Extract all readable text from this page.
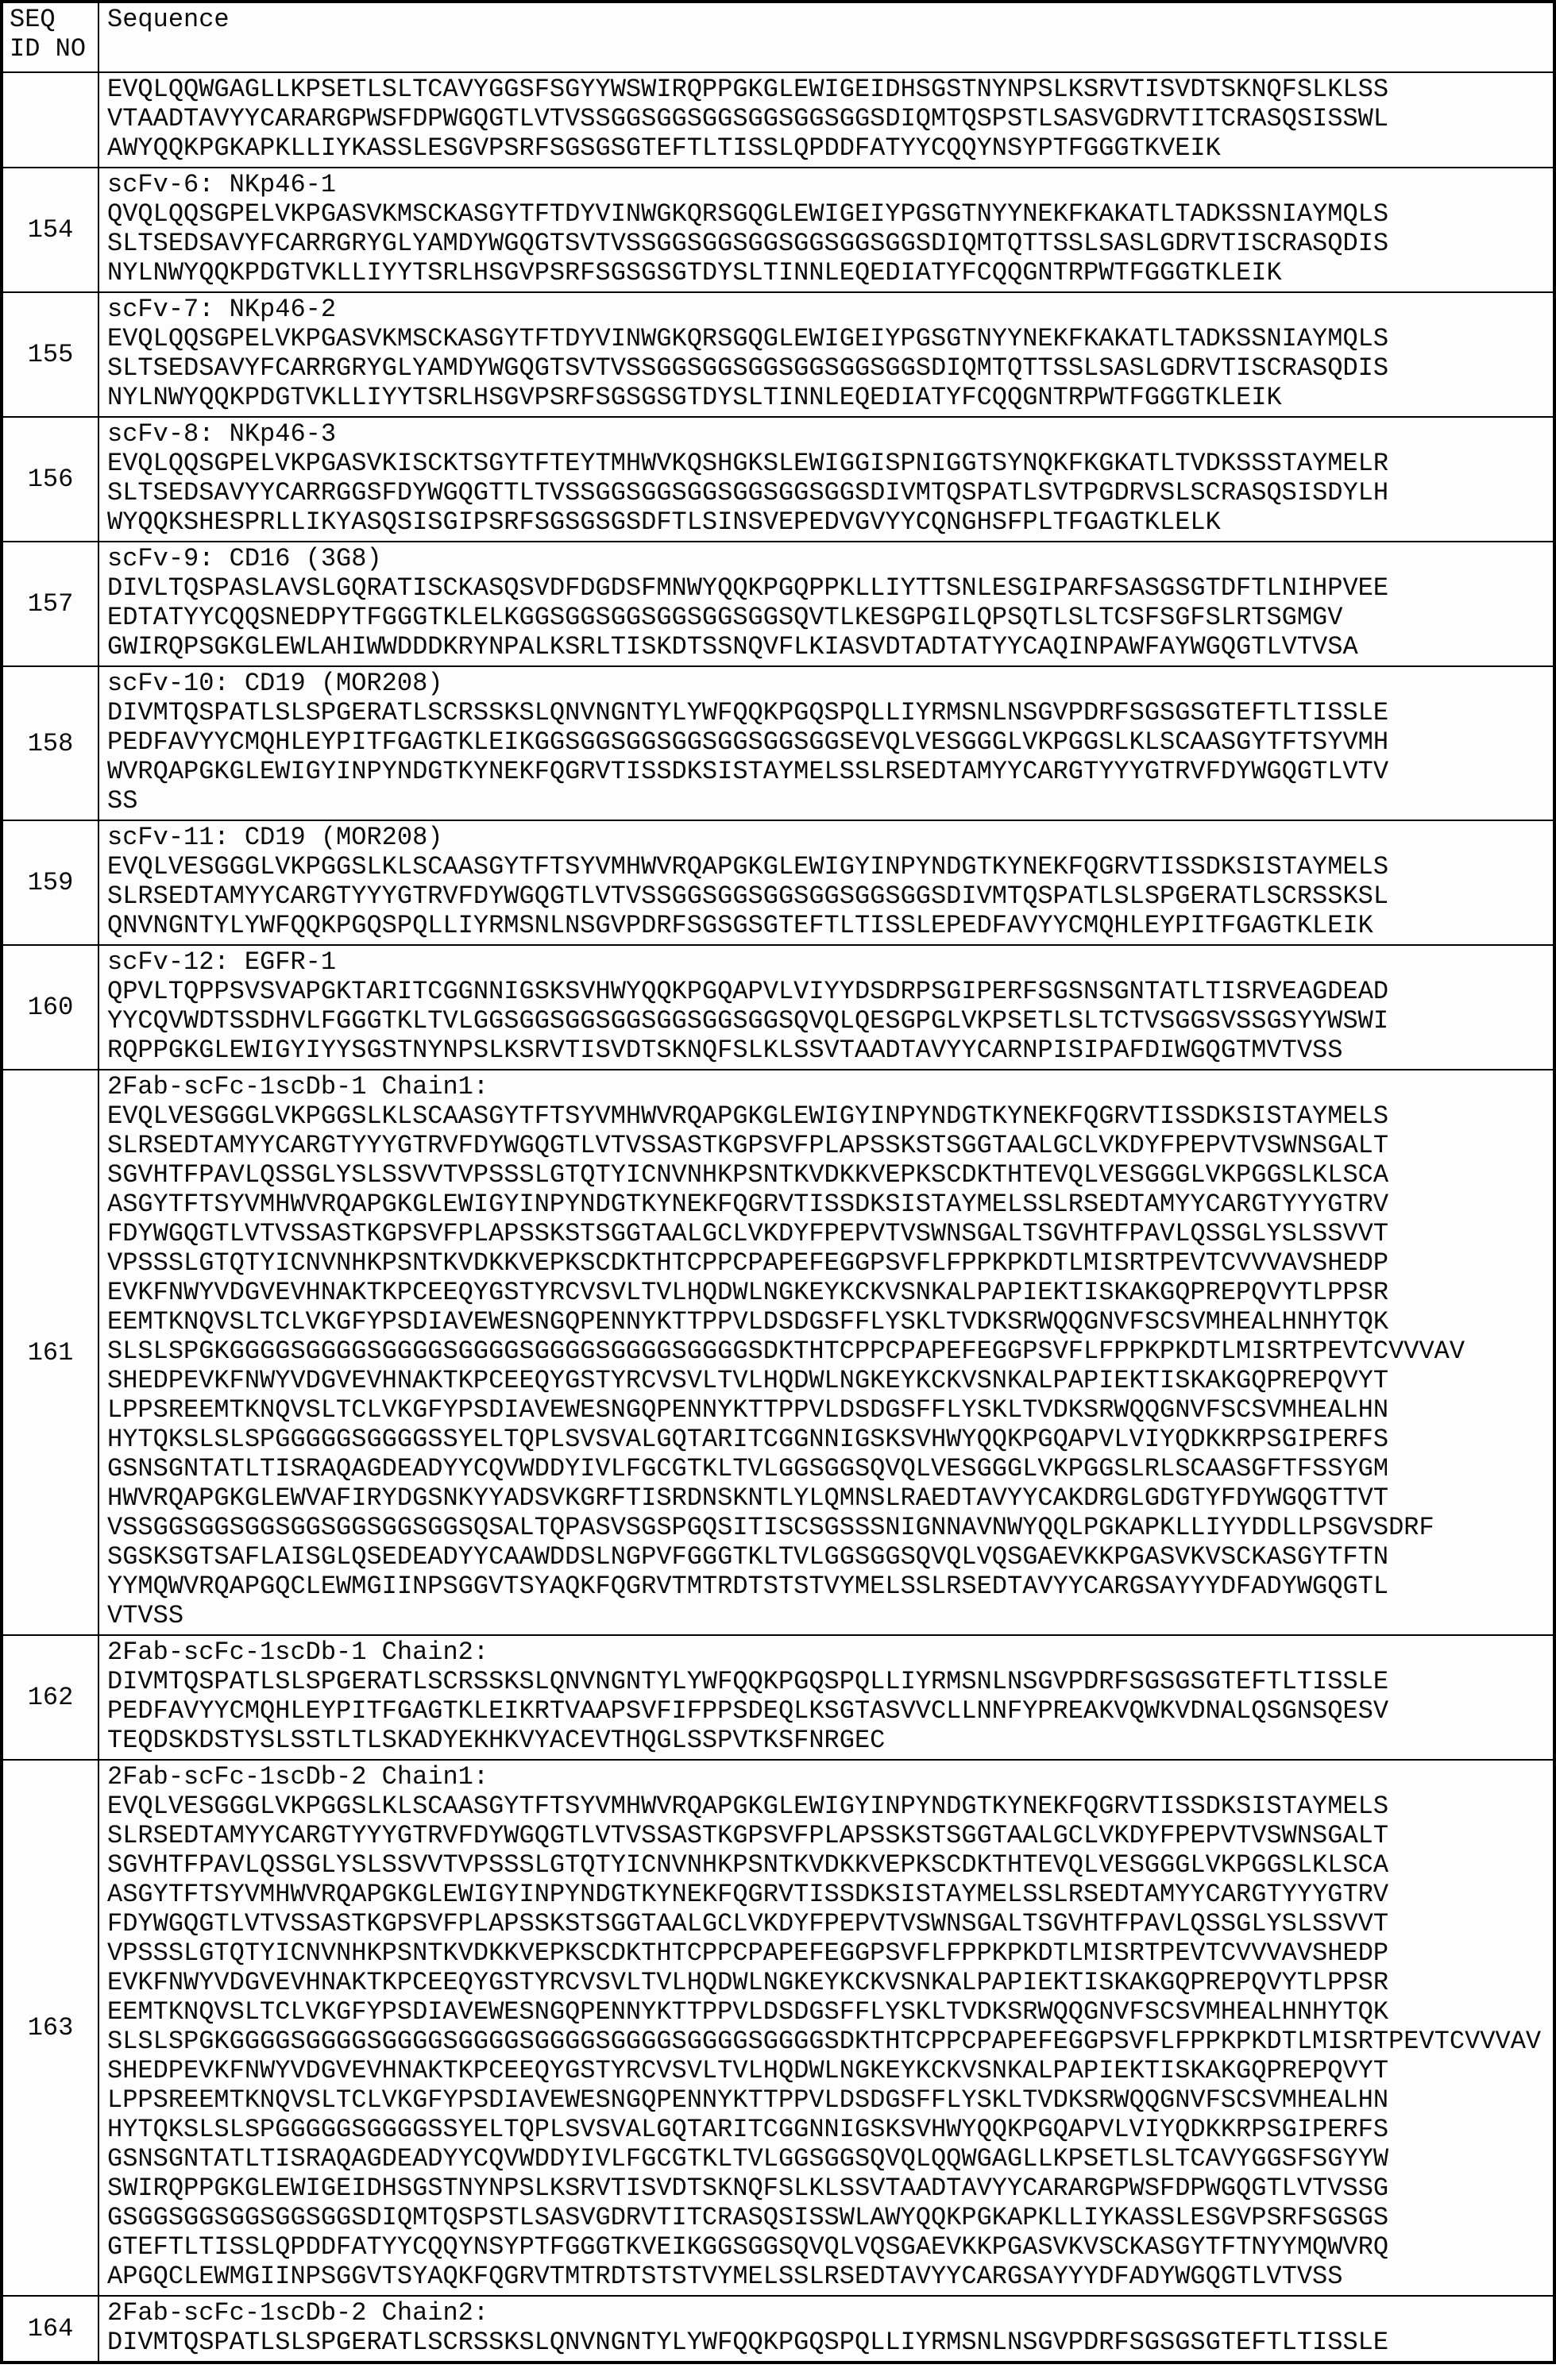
SEQ
ID NO	Sequence

	EVQLQQWGAGLLKPSETLSLTCAVYGGSFSGYYWSWIRQPPGKGLEWIGEIDHSGSTNYNPSLKSRVTISVDTSKNQFSLKLSS
VTAADTAVYYCARARGPWSFDPWGQGTLVTVSSGGSGGSGGSGGSGGSGGSDIQMTQSPSTLSASVGDRVTITCRASQSISSWL
AWYQQKPGKAPKLLIYKASSLESGVPSRFSGSGSGTEFTLTISSLQPDDFATYYCQQYNSYPTFGGGTKVEIK

154	scFv-6: NKp46-1
QVQLQQSGPELVKPGASVKMSCKASGYTFTDYVINWGKQRSGQGLEWIGEIYPGSGTNYYNEKFKAKATLTADKSSNIAYMQLS
SLTSEDSAVYFCARRGRYGLYAMDYWGQGTSVTVSSGGSGGSGGSGGSGGSGGSDIQMTQTTSSLSASLGDRVTISCRASQDIS
NYLNWYQQKPDGTVKLLIYYTSRLHSGVPSRFSGSGSGTDYSLTINNLEQEDIATYFCQQGNTRPWTFGGGTKLEIK

155	scFv-7: NKp46-2
EVQLQQSGPELVKPGASVKMSCKASGYTFTDYVINWGKQRSGQGLEWIGEIYPGSGTNYYNEKFKAKATLTADKSSNIAYMQLS
SLTSEDSAVYFCARRGRYGLYAMDYWGQGTSVTVSSGGSGGSGGSGGSGGSGGSDIQMTQTTSSLSASLGDRVTISCRASQDIS
NYLNWYQQKPDGTVKLLIYYTSRLHSGVPSRFSGSGSGTDYSLTINNLEQEDIATYFCQQGNTRPWTFGGGTKLEIK

156	scFv-8: NKp46-3
EVQLQQSGPELVKPGASVKISCKTSGYTFTEYTMHWVKQSHGKSLEWIGGISPNIGGTSYNQKFKGKATLTVDKSSSTAYMELR
SLTSEDSAVYYCARRGGSFDYWGQGTTLTVSSGGSGGSGGSGGSGGSGGSDIVMTQSPATLSVTPGDRVSLSCRASQSISDYLH
WYQQKSHESPRLLIKYASQSISGIPSRFSGSGSGSDFTLSINSVEPEDVGVYYCQNGHSFPLTFGAGTKLELK

157	scFv-9: CD16 (3G8)
DIVLTQSPASLAVSLGQRATISCKASQSVDFDGDSFMNWYQQKPGQPPKLLIYTTSNLESGIPARFSASGSGTDFTLNIHPVEE
EDTATYYCQQSNEDPYTFGGGTKLELKGGSGGSGGSGGSGGSGGSQVTLKESGPGILQPSQTLSLTCSFSGFSLRTSGMGV
GWIRQPSGKGLEWLAHIWWDDDKRYNPALKSRLTISKDTSSNQVFLKIASVDTADTATYYCAQINPAWFAYWGQGTLVTVSA

158	scFv-10: CD19 (MOR208)
DIVMTQSPATLSLSPGERATLSCRSSKSLQNVNGNTYLYWFQQKPGQSPQLLIYRMSNLNSGVPDRFSGSGSGTEFTLTISSLE
PEDFAVYYCMQHLEYPITFGAGTKLEIKGGSGGSGGSGGSGGSGGSGGSEVQLVESGGGLVKPGGSLKLSCAASGYTFTSYVMH
WVRQAPGKGLEWIGYINPYNDGTKYNEKFQGRVTISSDKSISTAYMELSSLRSEDTAMYYCARGTYYYGTRVFDYWGQGTLVTV
SS

159	scFv-11: CD19 (MOR208)
EVQLVESGGGLVKPGGSLKLSCAASGYTFTSYVMHWVRQAPGKGLEWIGYINPYNDGTKYNEKFQGRVTISSDKSISTAYMELS
SLRSEDTAMYYCARGTYYYGTRVFDYWGQGTLVTVSSGGSGGSGGSGGSGGSGGSDIVMTQSPATLSLSPGERATLSCRSSKSL
QNVNGNTYLYWFQQKPGQSPQLLIYRMSNLNSGVPDRFSGSGSGTEFTLTISSLEPEDFAVYYCMQHLEYPITFGAGTKLEIK

160	scFv-12: EGFR-1
QPVLTQPPSVSVAPGKTARITCGGNNIGSKSVHWYQQKPGQAPVLVIYYDSDRPSGIPERFSGSNSGNTATLTISRVEAGDEAD
YYCQVWDTSSDHVLFGGGTKLTVLGGSGGSGGSGGSGGSGGSGGSQVQLQESGPGLVKPSETLSLTCTVSGGSVSSGSYYWSWI
RQPPGKGLEWIGYIYYSGSTNYNPSLKSRVTISVDTSKNQFSLKLSSVTAADTAVYYCARNPISIPAFDIWGQGTMVTVSS

161	
2Fab-scFc-1scDb-1 Chain1:
EVQLVESGGGLVKPGGSLKLSCAASGYTFTSYVMHWVRQAPGKGLEWIGYINPYNDGTKYNEKFQGRVTISSDKSISTAYMELS
SLRSEDTAMYYCARGTYYYGTRVFDYWGQGTLVTVSSASTKGPSVFPLAPSSKSTSGGTAALGCLVKDYFPEPVTVSWNSGALT
SGVHTFPAVLQSSGLYSLSSVVTVPSSSLGTQTYICNVNHKPSNTKVDKKVEPKSCDKTHTEVQLVESGGGLVKPGGSLKLSCA
ASGYTFTSYVMHWVRQAPGKGLEWIGYINPYNDGTKYNEKFQGRVTISSDKSISTAYMELSSLRSEDTAMYYCARGTYYYGTRV
FDYWGQGTLVTVSSASTKGPSVFPLAPSSKSTSGGTAALGCLVKDYFPEPVTVSWNSGALTSGVHTFPAVLQSSGLYSLSSVVT
VPSSSLGTQTYICNVNHKPSNTKVDKKVEPKSCDKTHTCPPCPAPEFEGGPSVFLFPPKPKDTLMISRTPEVTCVVVAVSHEDP
EVKFNWYVDGVEVHNAKTKPCEEQYGSTYRCVSVLTVLHQDWLNGKEYKCKVSNKALPAPIEKTISKAKGQPREPQVYTLPPSR
EEMTKNQVSLTCLVKGFYPSDIAVEWESNGQPENNYKTTPPVLDSDGSFFLYSKLTVDKSRWQQGNVFSCSVMHEALHNHYTQK
SLSLSPGKGGGGSGGGGSGGGGSGGGGSGGGGSGGGGSGGGGSDKTHTCPPCPAPEFEGGPSVFLFPPKPKDTLMISRTPEVTCVVVAV
SHEDPEVKFNWYVDGVEVHNAKTKPCEEQYGSTYRCVSVLTVLHQDWLNGKEYKCKVSNKALPAPIEKTISKAKGQPREPQVYT
LPPSREEMTKNQVSLTCLVKGFYPSDIAVEWESNGQPENNYKTTPPVLDSDGSFFLYSKLTVDKSRWQQGNVFSCSVMHEALHN
HYTQKSLSLSPGGGGGSGGGGSSYELTQPLSVSVALGQTARITCGGNNIGSKSVHWYQQKPGQAPVLVIYQDKKRPSGIPERFS
GSNSGNTATLTISRAQAGDEADYYCQVWDDYIVLFGCGTKLTVLGGSGGSQVQLVESGGGLVKPGGSLRLSCAASGFTFSSYGM
HWVRQAPGKGLEWVAFIRYDGSNKYYADSVKGRFTISRDNSKNTLYLQMNSLRAEDTAVYYCAKDRGLGDGTYFDYWGQGTTVT
VSSGGSGGSGGSGGSGGSGGSGGSQSALTQPASVSGSPGQSITISCSGSSSNIGNNAVNWYQQLPGKAPKLLIYYDDLLPSGVSDRF
SGSKSGTSAFLAISGLQSEDEADYYCAAWDDSLNGPVFGGGTKLTVLGGSGGSQVQLVQSGAEVKKPGASVKVSCKASGYTFTN
YYMQWVRQAPGQCLEWMGIINPSGGVTSYAQKFQGRVTMTRDTSTSTVYMELSSLRSEDTAVYYCARGSAYYYDFADYWGQGTL
VTVSS

162	2Fab-scFc-1scDb-1 Chain2:
DIVMTQSPATLSLSPGERATLSCRSSKSLQNVNGNTYLYWFQQKPGQSPQLLIYRMSNLNSGVPDRFSGSGSGTEFTLTISSLE
PEDFAVYYCMQHLEYPITFGAGTKLEIKRTVAAPSVFIFPPSDEQLKSGTASVVCLLNNFYPREAKVQWKVDNALQSGNSQESV
TEQDSKDSTYSLSSTLTLSKADYEKHKVYACEVTHQGLSSPVTKSFNRGEC

163	
2Fab-scFc-1scDb-2 Chain1:
EVQLVESGGGLVKPGGSLKLSCAASGYTFTSYVMHWVRQAPGKGLEWIGYINPYNDGTKYNEKFQGRVTISSDKSISTAYMELS
SLRSEDTAMYYCARGTYYYGTRVFDYWGQGTLVTVSSASTKGPSVFPLAPSSKSTSGGTAALGCLVKDYFPEPVTVSWNSGALT
SGVHTFPAVLQSSGLYSLSSVVTVPSSSLGTQTYICNVNHKPSNTKVDKKVEPKSCDKTHTEVQLVESGGGLVKPGGSLKLSCA
ASGYTFTSYVMHWVRQAPGKGLEWIGYINPYNDGTKYNEKFQGRVTISSDKSISTAYMELSSLRSEDTAMYYCARGTYYYGTRV
FDYWGQGTLVTVSSASTKGPSVFPLAPSSKSTSGGTAALGCLVKDYFPEPVTVSWNSGALTSGVHTFPAVLQSSGLYSLSSVVT
VPSSSLGTQTYICNVNHKPSNTKVDKKVEPKSCDKTHTCPPCPAPEFEGGPSVFLFPPKPKDTLMISRTPEVTCVVVAVSHEDP
EVKFNWYVDGVEVHNAKTKPCEEQYGSTYRCVSVLTVLHQDWLNGKEYKCKVSNKALPAPIEKTISKAKGQPREPQVYTLPPSR
EEMTKNQVSLTCLVKGFYPSDIAVEWESNGQPENNYKTTPPVLDSDGSFFLYSKLTVDKSRWQQGNVFSCSVMHEALHNHYTQK
SLSLSPGKGGGGSGGGGSGGGGSGGGGSGGGGSGGGGSGGGGSGGGGSDKTHTCPPCPAPEFEGGPSVFLFPPKPKDTLMISRTPEVTCVVVAV
SHEDPEVKFNWYVDGVEVHNAKTKPCEEQYGSTYRCVSVLTVLHQDWLNGKEYKCKVSNKALPAPIEKTISKAKGQPREPQVYT
LPPSREEMTKNQVSLTCLVKGFYPSDIAVEWESNGQPENNYKTTPPVLDSDGSFFLYSKLTVDKSRWQQGNVFSCSVMHEALHN
HYTQKSLSLSPGGGGGSGGGGSSYELTQPLSVSVALGQTARITCGGNNIGSKSVHWYQQKPGQAPVLVIYQDKKRPSGIPERFS
GSNSGNTATLTISRAQAGDEADYYCQVWDDYIVLFGCGTKLTVLGGSGGSQVQLQQWGAGLLKPSETLSLTCAVYGGSFSGYYW
SWIRQPPGKGLEWIGEIDHSGSTNYNPSLKSRVTISVDTSKNQFSLKLSSVTAADTAVYYCARARGPWSFDPWGQGTLVTVSSG
GSGGSGGSGGSGGSGGSDIQMTQSPSTLSASVGDRVTITCRASQSISSWLAWYQQKPGKAPKLLIYKASSLESGVPSRFSGSGS
GTEFTLTISSLQPDDFATYYCQQYNSYPTFGGGTKVEIKGGSGGSQVQLVQSGAEVKKPGASVKVSCKASGYTFTNYYMQWVRQ
APGQCLEWMGIINPSGGVTSYAQKFQGRVTMTRDTSTSTVYMELSSLRSEDTAVYYCARGSAYYYDFADYWGQGTLVTVSS

164	2Fab-scFc-1scDb-2 Chain2:
DIVMTQSPATLSLSPGERATLSCRSSKSLQNVNGNTYLYWFQQKPGQSPQLLIYRMSNLNSGVPDRFSGSGSGTEFTLTISSLE
